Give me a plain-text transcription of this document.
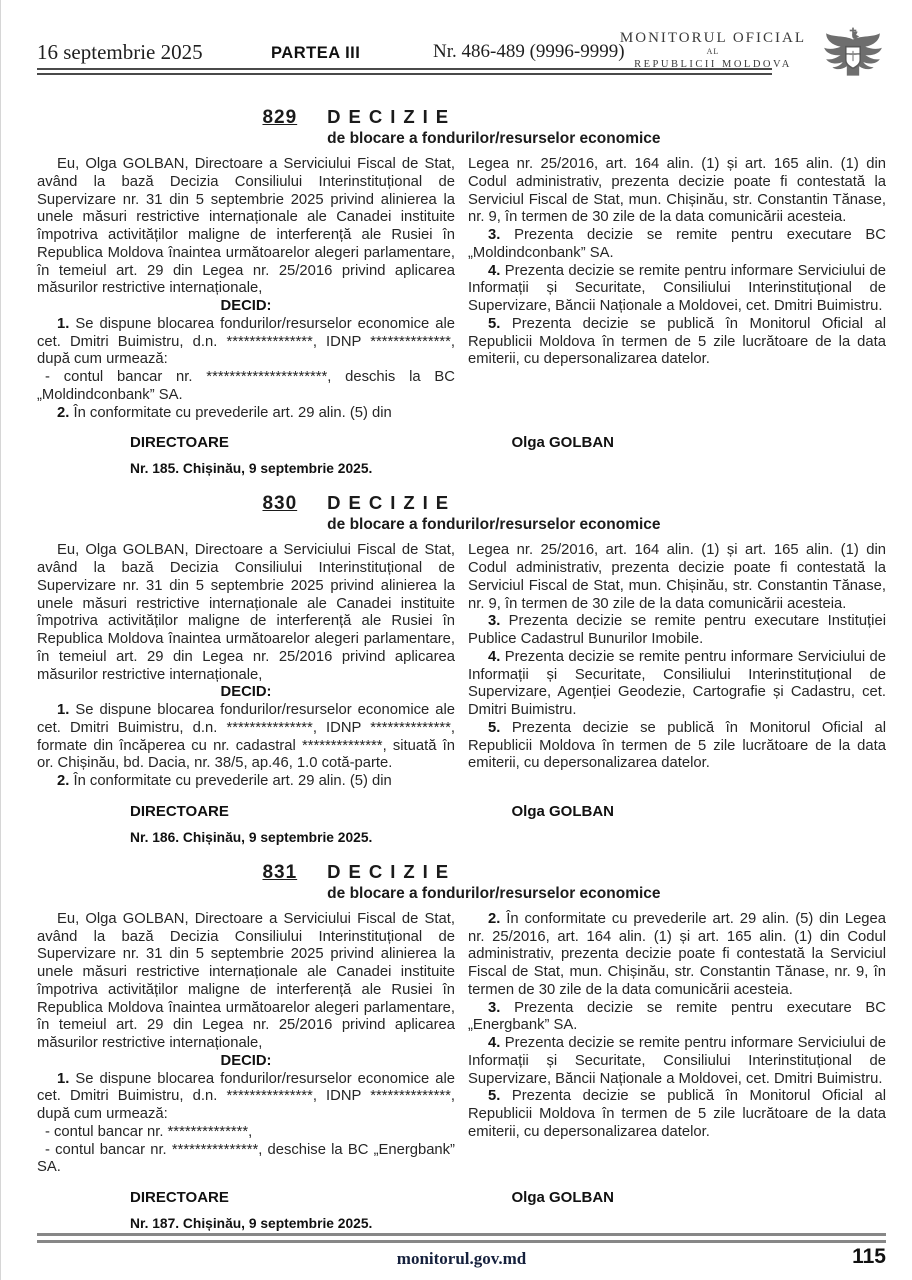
16 septembrie 2025	PARTEA III	Nr. 486-489 (9996-9999)
MONITORUL OFICIAL
AL
REPUBLICII MOLDOVA
829 DECIZIE
de blocare a fondurilor/resurselor economice

Eu, Olga GOLBAN, Directoare a Serviciului Fiscal de Stat, având la bază Decizia Consiliului Interinstituțional de Supervizare nr. 31 din 5 septembrie 2025 privind alinierea la unele măsuri restrictive internaționale ale Canadei instituite împotriva activităților maligne de interferență ale Rusiei în Republica Moldova înaintea următoarelor alegeri parlamentare, în temeiul art. 29 din Legea nr. 25/2016 privind aplicarea măsurilor restrictive internaționale,

DECID:

1. Se dispune blocarea fondurilor/resurselor economice ale cet. Dmitri Buimistru, d.n. ***************, IDNP **************, după cum urmează:

- contul bancar nr. *********************, deschis la BC „Moldindconbank” SA.

2. În conformitate cu prevederile art. 29 alin. (5) din

Legea nr. 25/2016, art. 164 alin. (1) și art. 165 alin. (1) din Codul administrativ, prezenta decizie poate fi contestată la Serviciul Fiscal de Stat, mun. Chișinău, str. Constantin Tănase, nr. 9, în termen de 30 zile de la data comunicării acesteia.

3. Prezenta decizie se remite pentru executare BC „Moldindconbank” SA.

4. Prezenta decizie se remite pentru informare Serviciului de Informații și Securitate, Consiliului Interinstituțional de Supervizare, Băncii Naționale a Moldovei, cet. Dmitri Buimistru.

5. Prezenta decizie se publică în Monitorul Oficial al Republicii Moldova în termen de 5 zile lucrătoare de la data emiterii, cu depersonalizarea datelor.

DIRECTOARE
Nr. 185. Chișinău, 9 septembrie 2025.
Olga GOLBAN
830 DECIZIE
de blocare a fondurilor/resurselor economice

Eu, Olga GOLBAN, Directoare a Serviciului Fiscal de Stat, având la bază Decizia Consiliului Interinstituțional de Supervizare nr. 31 din 5 septembrie 2025 privind alinierea la unele măsuri restrictive internaționale ale Canadei instituite împotriva activităților maligne de interferență ale Rusiei în Republica Moldova înaintea următoarelor alegeri parlamentare, în temeiul art. 29 din Legea nr. 25/2016 privind aplicarea măsurilor restrictive internaționale,

DECID:

1. Se dispune blocarea fondurilor/resurselor economice ale cet. Dmitri Buimistru, d.n. ***************, IDNP **************, formate din încăperea cu nr. cadastral **************, situată în or. Chișinău, bd. Dacia, nr. 38/5, ap.46, 1.0 cotă-parte.

2. În conformitate cu prevederile art. 29 alin. (5) din

Legea nr. 25/2016, art. 164 alin. (1) și art. 165 alin. (1) din Codul administrativ, prezenta decizie poate fi contestată la Serviciul Fiscal de Stat, mun. Chișinău, str. Constantin Tănase, nr. 9, în termen de 30 zile de la data comunicării acesteia.

3. Prezenta decizie se remite pentru executare Instituției Publice Cadastrul Bunurilor Imobile.

4. Prezenta decizie se remite pentru informare Serviciului de Informații și Securitate, Consiliului Interinstituțional de Supervizare, Agenției Geodezie, Cartografie și Cadastru, cet. Dmitri Buimistru.

5. Prezenta decizie se publică în Monitorul Oficial al Republicii Moldova în termen de 5 zile lucrătoare de la data emiterii, cu depersonalizarea datelor.

DIRECTOARE
Nr. 186. Chișinău, 9 septembrie 2025.
Olga GOLBAN
831 DECIZIE
de blocare a fondurilor/resurselor economice

Eu, Olga GOLBAN, Directoare a Serviciului Fiscal de Stat, având la bază Decizia Consiliului Interinstituțional de Supervizare nr. 31 din 5 septembrie 2025 privind alinierea la unele măsuri restrictive internaționale ale Canadei instituite împotriva activităților maligne de interferență ale Rusiei în Republica Moldova înaintea următoarelor alegeri parlamentare, în temeiul art. 29 din Legea nr. 25/2016 privind aplicarea măsurilor restrictive internaționale,

DECID:

1. Se dispune blocarea fondurilor/resurselor economice ale cet. Dmitri Buimistru, d.n. ***************, IDNP **************, după cum urmează:

- contul bancar nr. **************,

- contul bancar nr. ***************, deschise la BC „Energbank” SA.

2. În conformitate cu prevederile art. 29 alin. (5) din Legea nr. 25/2016, art. 164 alin. (1) și art. 165 alin. (1) din Codul administrativ, prezenta decizie poate fi contestată la Serviciul Fiscal de Stat, mun. Chișinău, str. Constantin Tănase, nr. 9, în termen de 30 zile de la data comunicării acesteia.

3. Prezenta decizie se remite pentru executare BC „Energbank” SA.

4. Prezenta decizie se remite pentru informare Serviciului de Informații și Securitate, Consiliului Interinstituțional de Supervizare, Băncii Naționale a Moldovei, cet. Dmitri Buimistru.

5. Prezenta decizie se publică în Monitorul Oficial al Republicii Moldova în termen de 5 zile lucrătoare de la data emiterii, cu depersonalizarea datelor.

DIRECTOARE
Nr. 187. Chișinău, 9 septembrie 2025.
Olga GOLBAN
monitorul.gov.md	115
